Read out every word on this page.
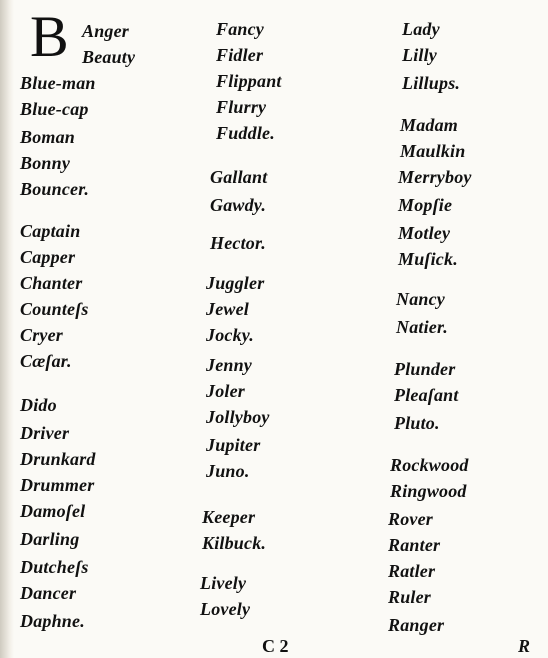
B Anger
Beauty
Blue-man
Blue-cap
Boman
Bonny
Bouncer.
Captain
Capper
Chanter
Counteſs
Cryer
Cæſar.
Dido
Driver
Drunkard
Drummer
Damoſel
Darling
Dutcheſs
Dancer
Daphne.
Fancy
Fidler
Flippant
Flurry
Fuddle.
Gallant
Gawdy.
Hector.
Juggler
Jewel
Jocky.
Jenny
Joler
Jollyboy
Jupiter
Juno.
Keeper
Kilbuck.
Lively
Lovely
Lady
Lilly
Lillups.
Madam
Maulkin
Merryboy
Mopſie
Motley
Muſick.
Nancy
Natier.
Plunder
Pleaſant
Pluto.
Rockwood
Ringwood
Rover
Ranter
Ratler
Ruler
Ranger
C 2	R
